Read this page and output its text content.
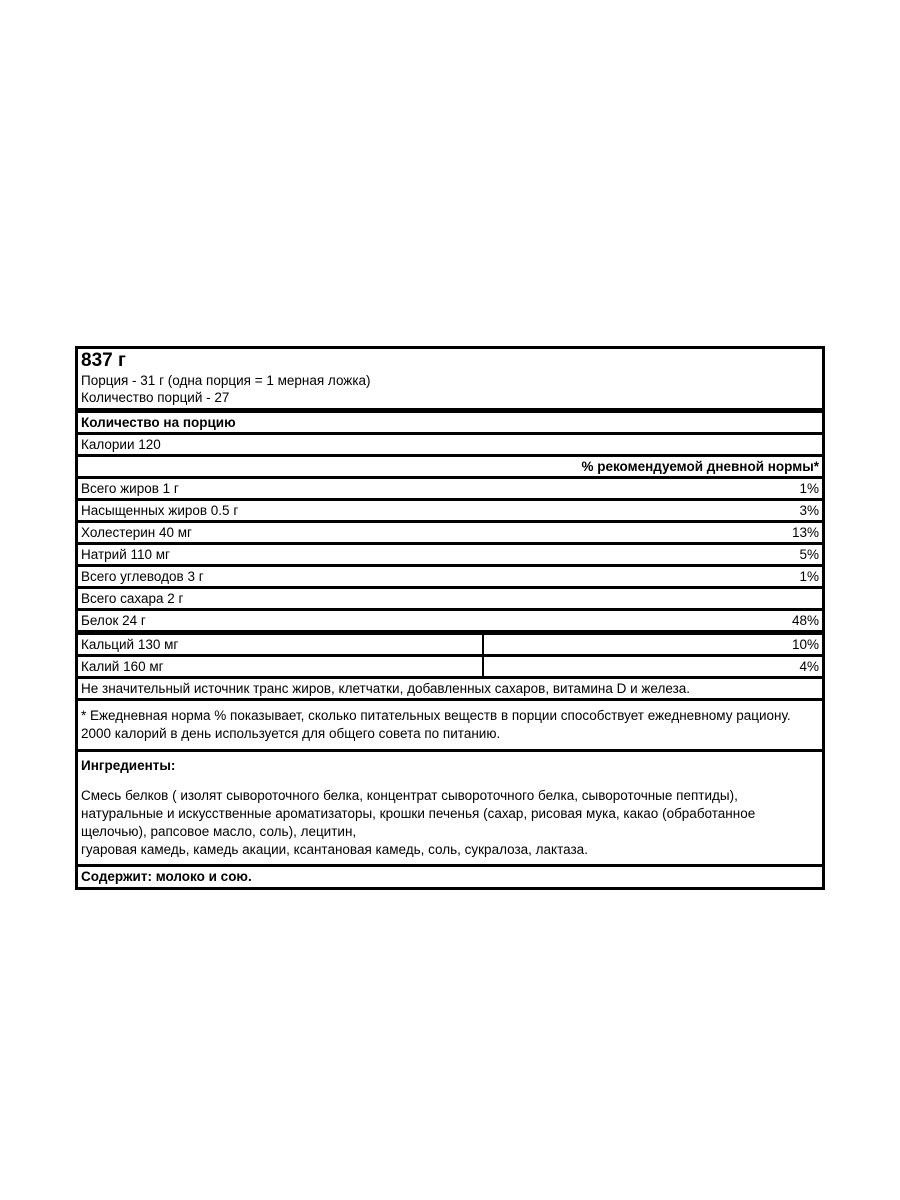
837 г
Порция - 31 г (одна порция = 1 мерная ложка)
Количество порций - 27
Количество на порцию
Калории 120
% рекомендуемой дневной нормы*
Всего жиров 1 г	1%
Насыщенных жиров 0.5 г	3%
Холестерин 40 мг	13%
Натрий 110 мг	5%
Всего углеводов 3 г	1%
Всего сахара 2 г
Белок 24 г	48%
Кальций 130 мг	10%
Калий 160 мг	4%
Не значительный источник транс жиров, клетчатки, добавленных сахаров, витамина D и железа.
* Ежедневная норма % показывает, сколько питательных веществ в порции способствует ежедневному рациону. 2000 калорий в день используется для общего совета по питанию.
Ингредиенты:
Смесь белков ( изолят сывороточного белка, концентрат сывороточного белка, сывороточные пептиды), натуральные и искусственные ароматизаторы, крошки печенья (сахар, рисовая мука, какао (обработанное щелочью), рапсовое масло, соль), лецитин,
гуаровая камедь, камедь акации, ксантановая камедь, соль, сукралоза, лактаза.
Содержит: молоко и сою.
